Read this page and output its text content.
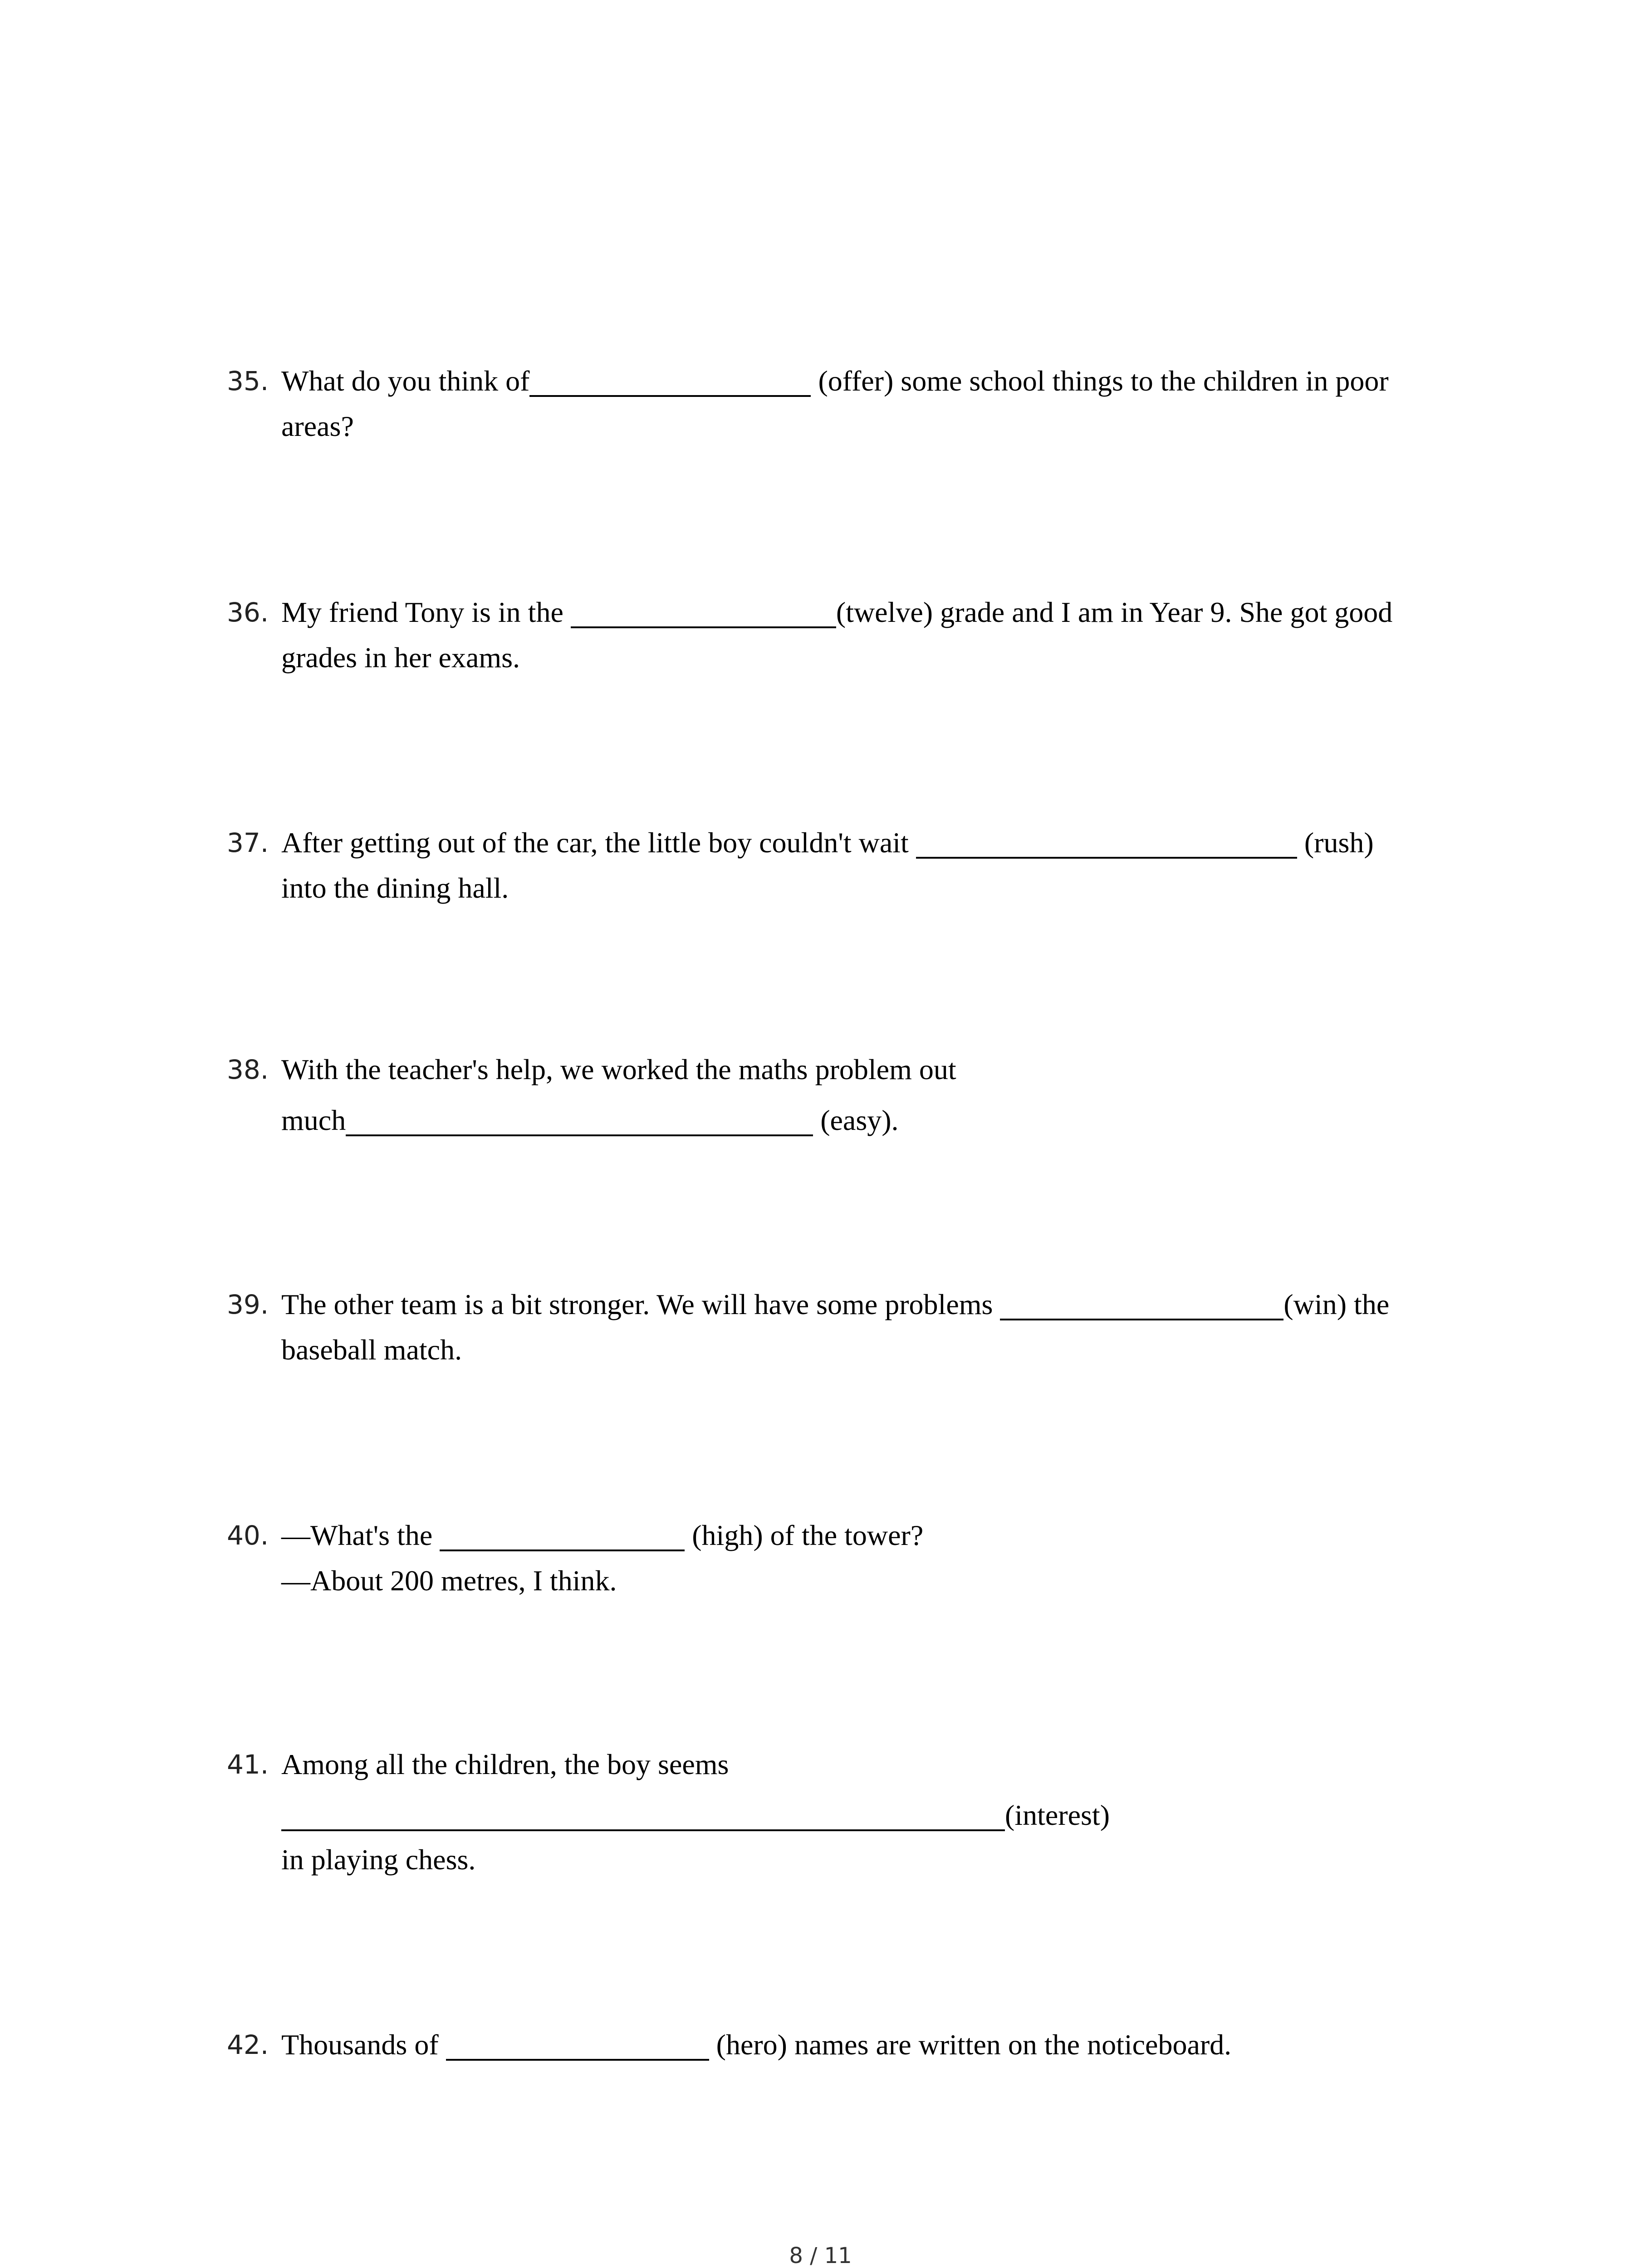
35. What do you think of	(offer) some school things to the children in poor
areas?
36. My friend Tony is in the	(twelve) grade and I am in Year 9. She got good
grades in her exams.
37. After getting out of the car, the little boy couldn't wait	(rush)
into the dining hall.
38. With the teacher's help, we worked the maths problem out
much	(easy).
39. The other team is a bit stronger. We will have some problems	(win) the
baseball match.
40. —What's the	(high) of the tower?
—About 200 metres, I think.
41. Among all the children, the boy seems
(interest)
in playing chess.
42. Thousands of	(hero) names are written on the noticeboard.
8 / 11
